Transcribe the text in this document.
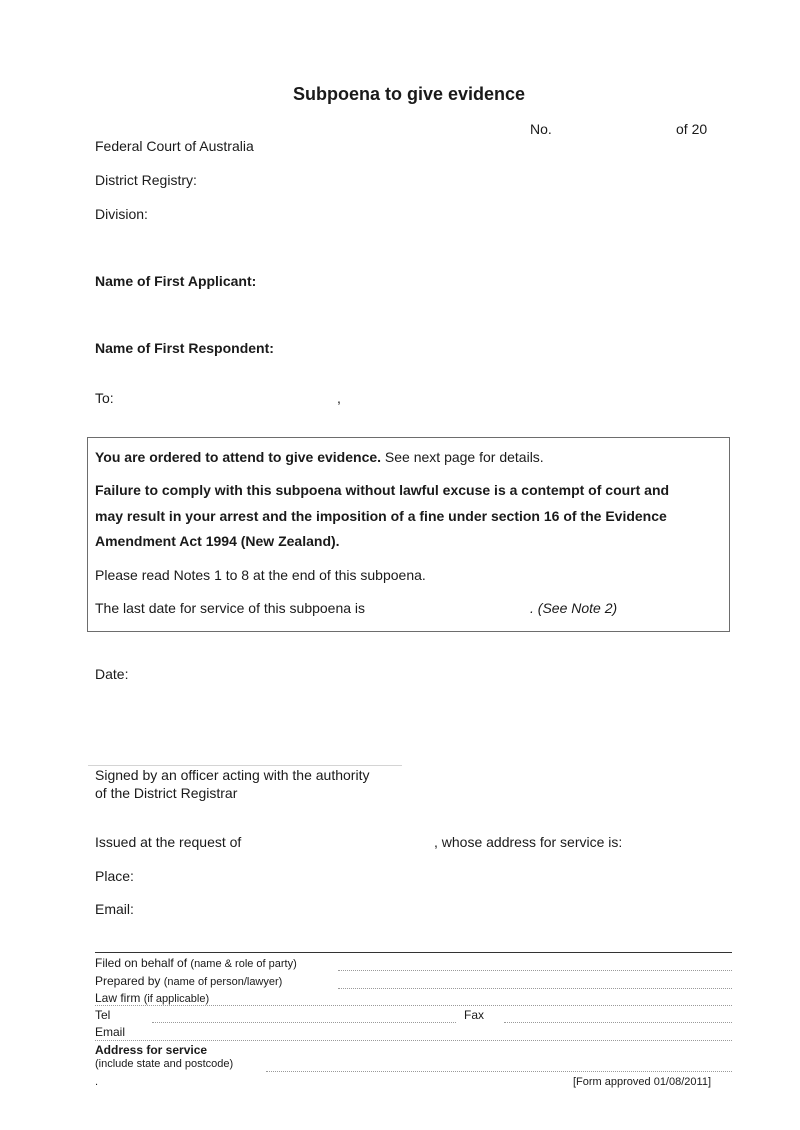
Subpoena to give evidence
No.	of 20
Federal Court of Australia
District Registry:
Division:
Name of First Applicant:
Name of First Respondent:
To:	,
You are ordered to attend to give evidence. See next page for details.
Failure to comply with this subpoena without lawful excuse is a contempt of court and
may result in your arrest and the imposition of a fine under section 16 of the Evidence
Amendment Act 1994 (New Zealand).
Please read Notes 1 to 8 at the end of this subpoena.
The last date for service of this subpoena is	. (See Note 2)
Date:
Signed by an officer acting with the authority
of the District Registrar
Issued at the request of	, whose address for service is:
Place:
Email:
Filed on behalf of (name & role of party)
Prepared by (name of person/lawyer)
Law firm (if applicable)
Tel	Fax
Email
Address for service
(include state and postcode)
.	[Form approved 01/08/2011]
